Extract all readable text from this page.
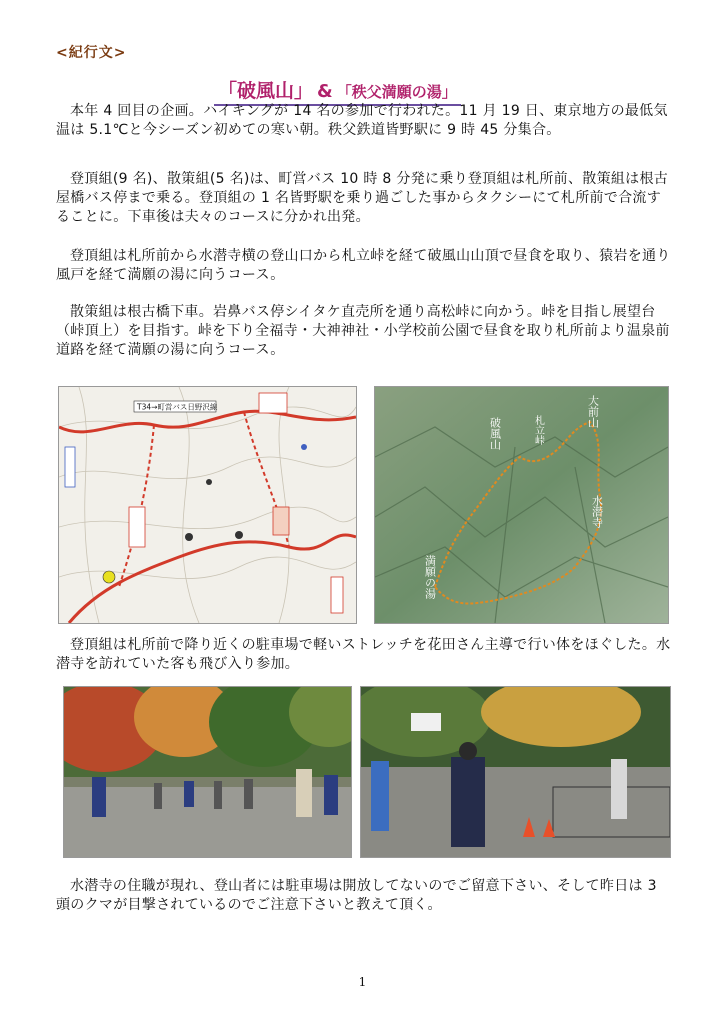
<紀行文>
「破風山」 & 「秩父満願の湯」

本年 4 回目の企画。ハイキングが 14 名の参加で行われた。11 月 19 日、東京地方の最低気温は 5.1℃と今シーズン初めての寒い朝。秩父鉄道皆野駅に 9 時 45 分集合。

登頂組(9 名)、散策組(5 名)は、町営バス 10 時 8 分発に乗り登頂組は札所前、散策組は根古屋橋バス停まで乗る。登頂組の 1 名皆野駅を乗り過ごした事からタクシーにて札所前で合流することに。下車後は夫々のコースに分かれ出発。

登頂組は札所前から水潜寺横の登山口から札立峠を経て破風山山頂で昼食を取り、猿岩を通り風戸を経て満願の湯に向うコース。

散策組は根古橋下車。岩鼻バス停シイタケ直売所を通り高松峠に向かう。峠を目指し展望台（峠頂上）を目指す。峠を下り全福寺・大神神社・小学校前公園で昼食を取り札所前より温泉前道路を経て満願の湯に向うコース。

T34→町営バス日野沢線
破風山	札立峠
大前山
水潜寺
満願の湯

登頂組は札所前で降り近くの駐車場で軽いストレッチを花田さん主導で行い体をほぐした。水潜寺を訪れていた客も飛び入り参加。

水潜寺の住職が現れ、登山者には駐車場は開放してないのでご留意下さい、そして昨日は 3 頭のクマが目撃されているのでご注意下さいと教えて頂く。

1
